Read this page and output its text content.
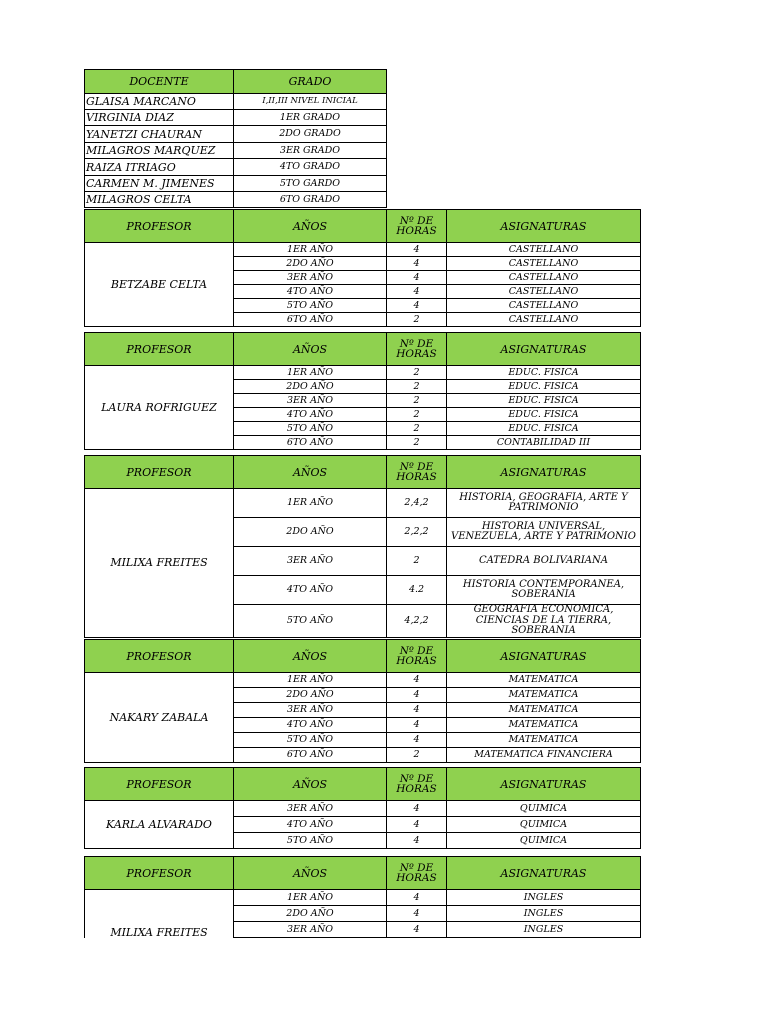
DOCENTE	GRADO
GLAISA MARCANO	I,II,III NIVEL INICIAL
VIRGINIA DIAZ	1ER GRADO
YANETZI CHAURAN	2DO GRADO
MILAGROS MARQUEZ	3ER GRADO
RAIZA ITRIAGO	4TO GRADO
CARMEN M. JIMENES	5TO GARDO
MILAGROS CELTA	6TO GRADO
PROFESOR	AÑOS	Nº DE HORAS	ASIGNATURAS
BETZABE CELTA	1ER AÑO	4	CASTELLANO
	2DO AÑO	4	CASTELLANO
	3ER AÑO	4	CASTELLANO
	4TO AÑO	4	CASTELLANO
	5TO AÑO	4	CASTELLANO
	6TO AÑO	2	CASTELLANO
PROFESOR	AÑOS	Nº DE HORAS	ASIGNATURAS
LAURA ROFRIGUEZ	1ER AÑO	2	EDUC. FISICA
	2DO AÑO	2	EDUC. FISICA
	3ER AÑO	2	EDUC. FISICA
	4TO AÑO	2	EDUC. FISICA
	5TO AÑO	2	EDUC. FISICA
	6TO AÑO	2	CONTABILIDAD III
PROFESOR	AÑOS	Nº DE HORAS	ASIGNATURAS
MILIXA FREITES	1ER AÑO	2,4,2	HISTORIA, GEOGRAFIA, ARTE Y PATRIMONIO
	2DO AÑO	2,2,2	HISTORIA UNIVERSAL, VENEZUELA, ARTE Y PATRIMONIO
	3ER AÑO	2	CATEDRA BOLIVARIANA
	4TO AÑO	4.2	HISTORIA CONTEMPORANEA, SOBERANIA
	5TO AÑO	4,2,2	GEOGRAFIA ECONOMICA, CIENCIAS DE LA TIERRA, SOBERANIA
PROFESOR	AÑOS	Nº DE HORAS	ASIGNATURAS
NAKARY ZABALA	1ER AÑO	4	MATEMATICA
	2DO AÑO	4	MATEMATICA
	3ER AÑO	4	MATEMATICA
	4TO AÑO	4	MATEMATICA
	5TO AÑO	4	MATEMATICA
	6TO AÑO	2	MATEMATICA FINANCIERA
PROFESOR	AÑOS	Nº DE HORAS	ASIGNATURAS
KARLA ALVARADO	3ER AÑO	4	QUIMICA
	4TO AÑO	4	QUIMICA
	5TO AÑO	4	QUIMICA
PROFESOR	AÑOS	Nº DE HORAS	ASIGNATURAS
MILIXA FREITES	1ER AÑO	4	INGLES
	2DO AÑO	4	INGLES
	3ER AÑO	4	INGLES
